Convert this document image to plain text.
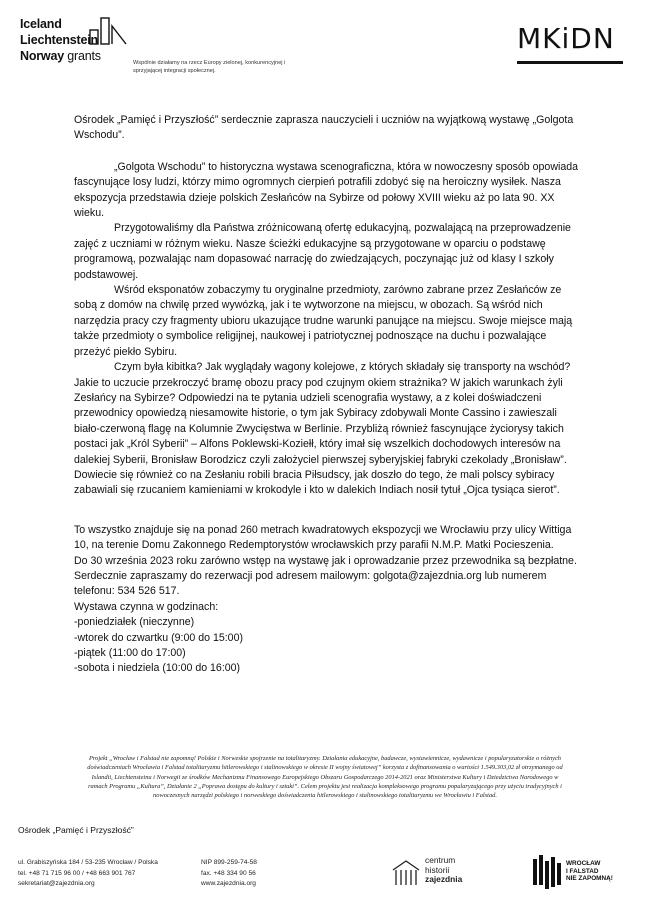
Iceland
Liechtenstein
Norway grants	Wspólnie działamy na rzecz Europy zielonej, konkurencyjnej i sprzyjającej integracji społecznej.
MKiDN

Ośrodek „Pamięć i Przyszłość” serdecznie zaprasza nauczycieli i uczniów na wyjątkową wystawę „Golgota Wschodu”.

„Golgota Wschodu” to historyczna wystawa scenograficzna, która w nowoczesny sposób opowiada fascynujące losy ludzi, którzy mimo ogromnych cierpień potrafili zdobyć się na heroiczny wysiłek. Nasza ekspozycja przedstawia dzieje polskich Zesłańców na Sybirze od połowy XVIII wieku aż po lata 90. XX wieku.

Przygotowaliśmy dla Państwa zróżnicowaną ofertę edukacyjną, pozwalającą na przeprowadzenie zajęć z uczniami w różnym wieku. Nasze ścieżki edukacyjne są przygotowane w oparciu o podstawę programową, pozwalając nam dopasować narrację do zwiedzających, poczynając już od klasy I szkoły podstawowej.

Wśród eksponatów zobaczymy tu oryginalne przedmioty, zarówno zabrane przez Zesłańców ze sobą z domów na chwilę przed wywózką, jak i te wytworzone na miejscu, w obozach. Są wśród nich narzędzia pracy czy fragmenty ubioru ukazujące trudne warunki panujące na miejscu. Swoje miejsce mają także przedmioty o symbolice religijnej, naukowej i patriotycznej podnoszące na duchu i pozwalające przeżyć piekło Sybiru.

Czym była kibitka? Jak wyglądały wagony kolejowe, z których składały się transporty na wschód? Jakie to uczucie przekroczyć bramę obozu pracy pod czujnym okiem strażnika? W jakich warunkach żyli Zesłańcy na Sybirze? Odpowiedzi na te pytania udzieli scenografia wystawy, a z kolei doświadczeni przewodnicy opowiedzą niesamowite historie, o tym jak Sybiracy zdobywali Monte Cassino i zawieszali biało-czerwoną flagę na Kolumnie Zwycięstwa w Berlinie. Przybliżą również fascynujące życiorysy takich postaci jak „Król Syberii” – Alfons Poklewski-Koziełł, który imał się wszelkich dochodowych interesów na dalekiej Syberii, Bronisław Borodzicz czyli założyciel pierwszej syberyjskiej fabryki czekolady „Bronisław”. Dowiecie się również co na Zesłaniu robili bracia Piłsudscy, jak doszło do tego, że mali polscy sybiracy zabawiali się rzucaniem kamieniami w krokodyle i kto w dalekich Indiach nosił tytuł „Ojca tysiąca sierot”.

To wszystko znajduje się na ponad 260 metrach kwadratowych ekspozycji we Wrocławiu przy ulicy Wittiga 10, na terenie Domu Zakonnego Redemptorystów wrocławskich przy parafii N.M.P. Matki Pocieszenia.

Do 30 września 2023 roku zarówno wstęp na wystawę jak i oprowadzanie przez przewodnika są bezpłatne. Serdecznie zapraszamy do rezerwacji pod adresem mailowym: golgota@zajezdnia.org lub numerem telefonu: 534 526 517.

Wystawa czynna w godzinach:

-poniedziałek (nieczynne)

-wtorek do czwartku (9:00 do 15:00)

-piątek (11:00 do 17:00)

-sobota i niedziela (10:00 do 16:00)

Projekt „Wrocław i Falstad nie zapomną! Polskie i Norweskie spojrzenie na totalitaryzmy. Działania edukacyjne, badawcze, wystawiennicze, wydawnicze i popularyzatorskie o różnych doświadczeniach Wrocławia i Falstad totalitaryzmu hitlerowskiego i stalinowskiego w okresie II wojny światowej” korzysta z dofinansowania o wartości 1.549.303,02 zł otrzymanego od Islandii, Liechtensteinu i Norwegii ze środków Mechanizmu Finansowego Europejskiego Obszaru Gospodarczego 2014-2021 oraz Ministerstwa Kultury i Dziedzictwa Narodowego w ramach Programu „Kultura”, Działanie 2 „Poprawa dostępu do kultury i sztuki”. Celem projektu jest realizacja kompleksowego programu popularyzującego przy użyciu tradycyjnych i nowoczesnych narzędzi polskiego i norweskiego doświadczenia hitlerowskiego i stalinowskiego totalitaryzmu we Wrocławiu i Falstad.
Ośrodek „Pamięć i Przyszłość”
ul. Grabiszyńska 184 / 53-235 Wrocław / Polska
tel. +48 71 715 96 00 / +48 663 901 767
sekretariat@zajezdnia.org
NIP 899-259-74-58
fax. +48 334 90 56
www.zajezdnia.org
centrum
historii
zajezdnia
WROCŁAW
I FALSTAD
NIE ZAPOMNĄ!
